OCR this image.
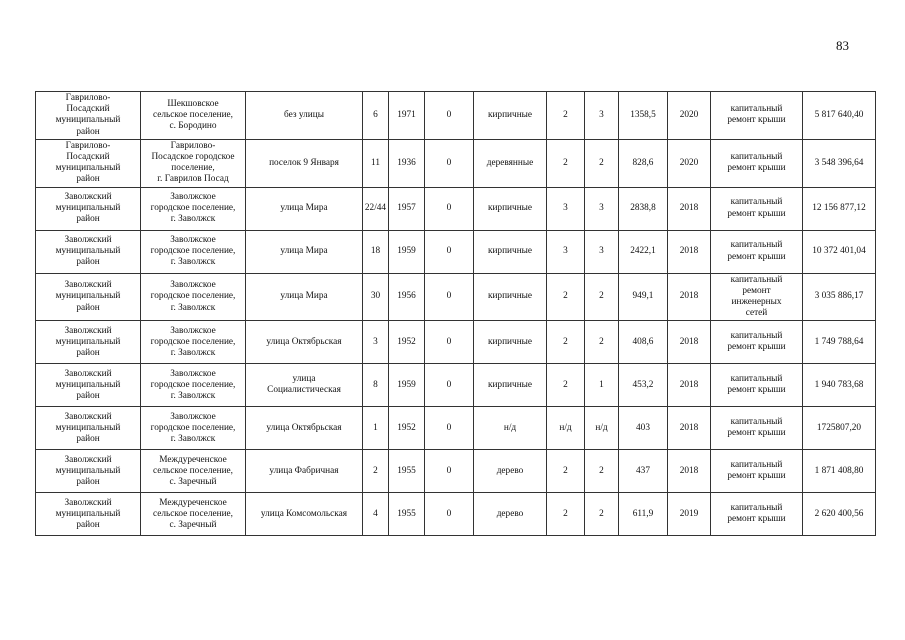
83
Гаврилово-
Посадский
муниципальный
район	Шекшовское
сельское поселение,
с. Бородино	без улицы	6	1971	0	кирпичные	2	3	1358,5	2020	капитальный
ремонт крыши	5 817 640,40
Гаврилово-
Посадский
муниципальный
район	Гаврилово-
Посадское городское
поселение,
г. Гаврилов Посад	поселок 9 Января	11	1936	0	деревянные	2	2	828,6	2020	капитальный
ремонт крыши	3 548 396,64
Заволжский
муниципальный
район	Заволжское
городское поселение,
г. Заволжск	улица Мира	22/44	1957	0	кирпичные	3	3	2838,8	2018	капитальный
ремонт крыши	12 156 877,12
Заволжский
муниципальный
район	Заволжское
городское поселение,
г. Заволжск	улица Мира	18	1959	0	кирпичные	3	3	2422,1	2018	капитальный
ремонт крыши	10 372 401,04
Заволжский
муниципальный
район	Заволжское
городское поселение,
г. Заволжск	улица Мира	30	1956	0	кирпичные	2	2	949,1	2018	капитальный
ремонт
инженерных
сетей	3 035 886,17
Заволжский
муниципальный
район	Заволжское
городское поселение,
г. Заволжск	улица Октябрьская	3	1952	0	кирпичные	2	2	408,6	2018	капитальный
ремонт крыши	1 749 788,64
Заволжский
муниципальный
район	Заволжское
городское поселение,
г. Заволжск	улица
Социалистическая	8	1959	0	кирпичные	2	1	453,2	2018	капитальный
ремонт крыши	1 940 783,68
Заволжский
муниципальный
район	Заволжское
городское поселение,
г. Заволжск	улица Октябрьская	1	1952	0	н/д	н/д	н/д	403	2018	капитальный
ремонт крыши	1725807,20
Заволжский
муниципальный
район	Междуреченское
сельское поселение,
с. Заречный	улица Фабричная	2	1955	0	дерево	2	2	437	2018	капитальный
ремонт крыши	1 871 408,80
Заволжский
муниципальный
район	Междуреченское
сельское поселение,
с. Заречный	улица Комсомольская	4	1955	0	дерево	2	2	611,9	2019	капитальный
ремонт крыши	2 620 400,56
